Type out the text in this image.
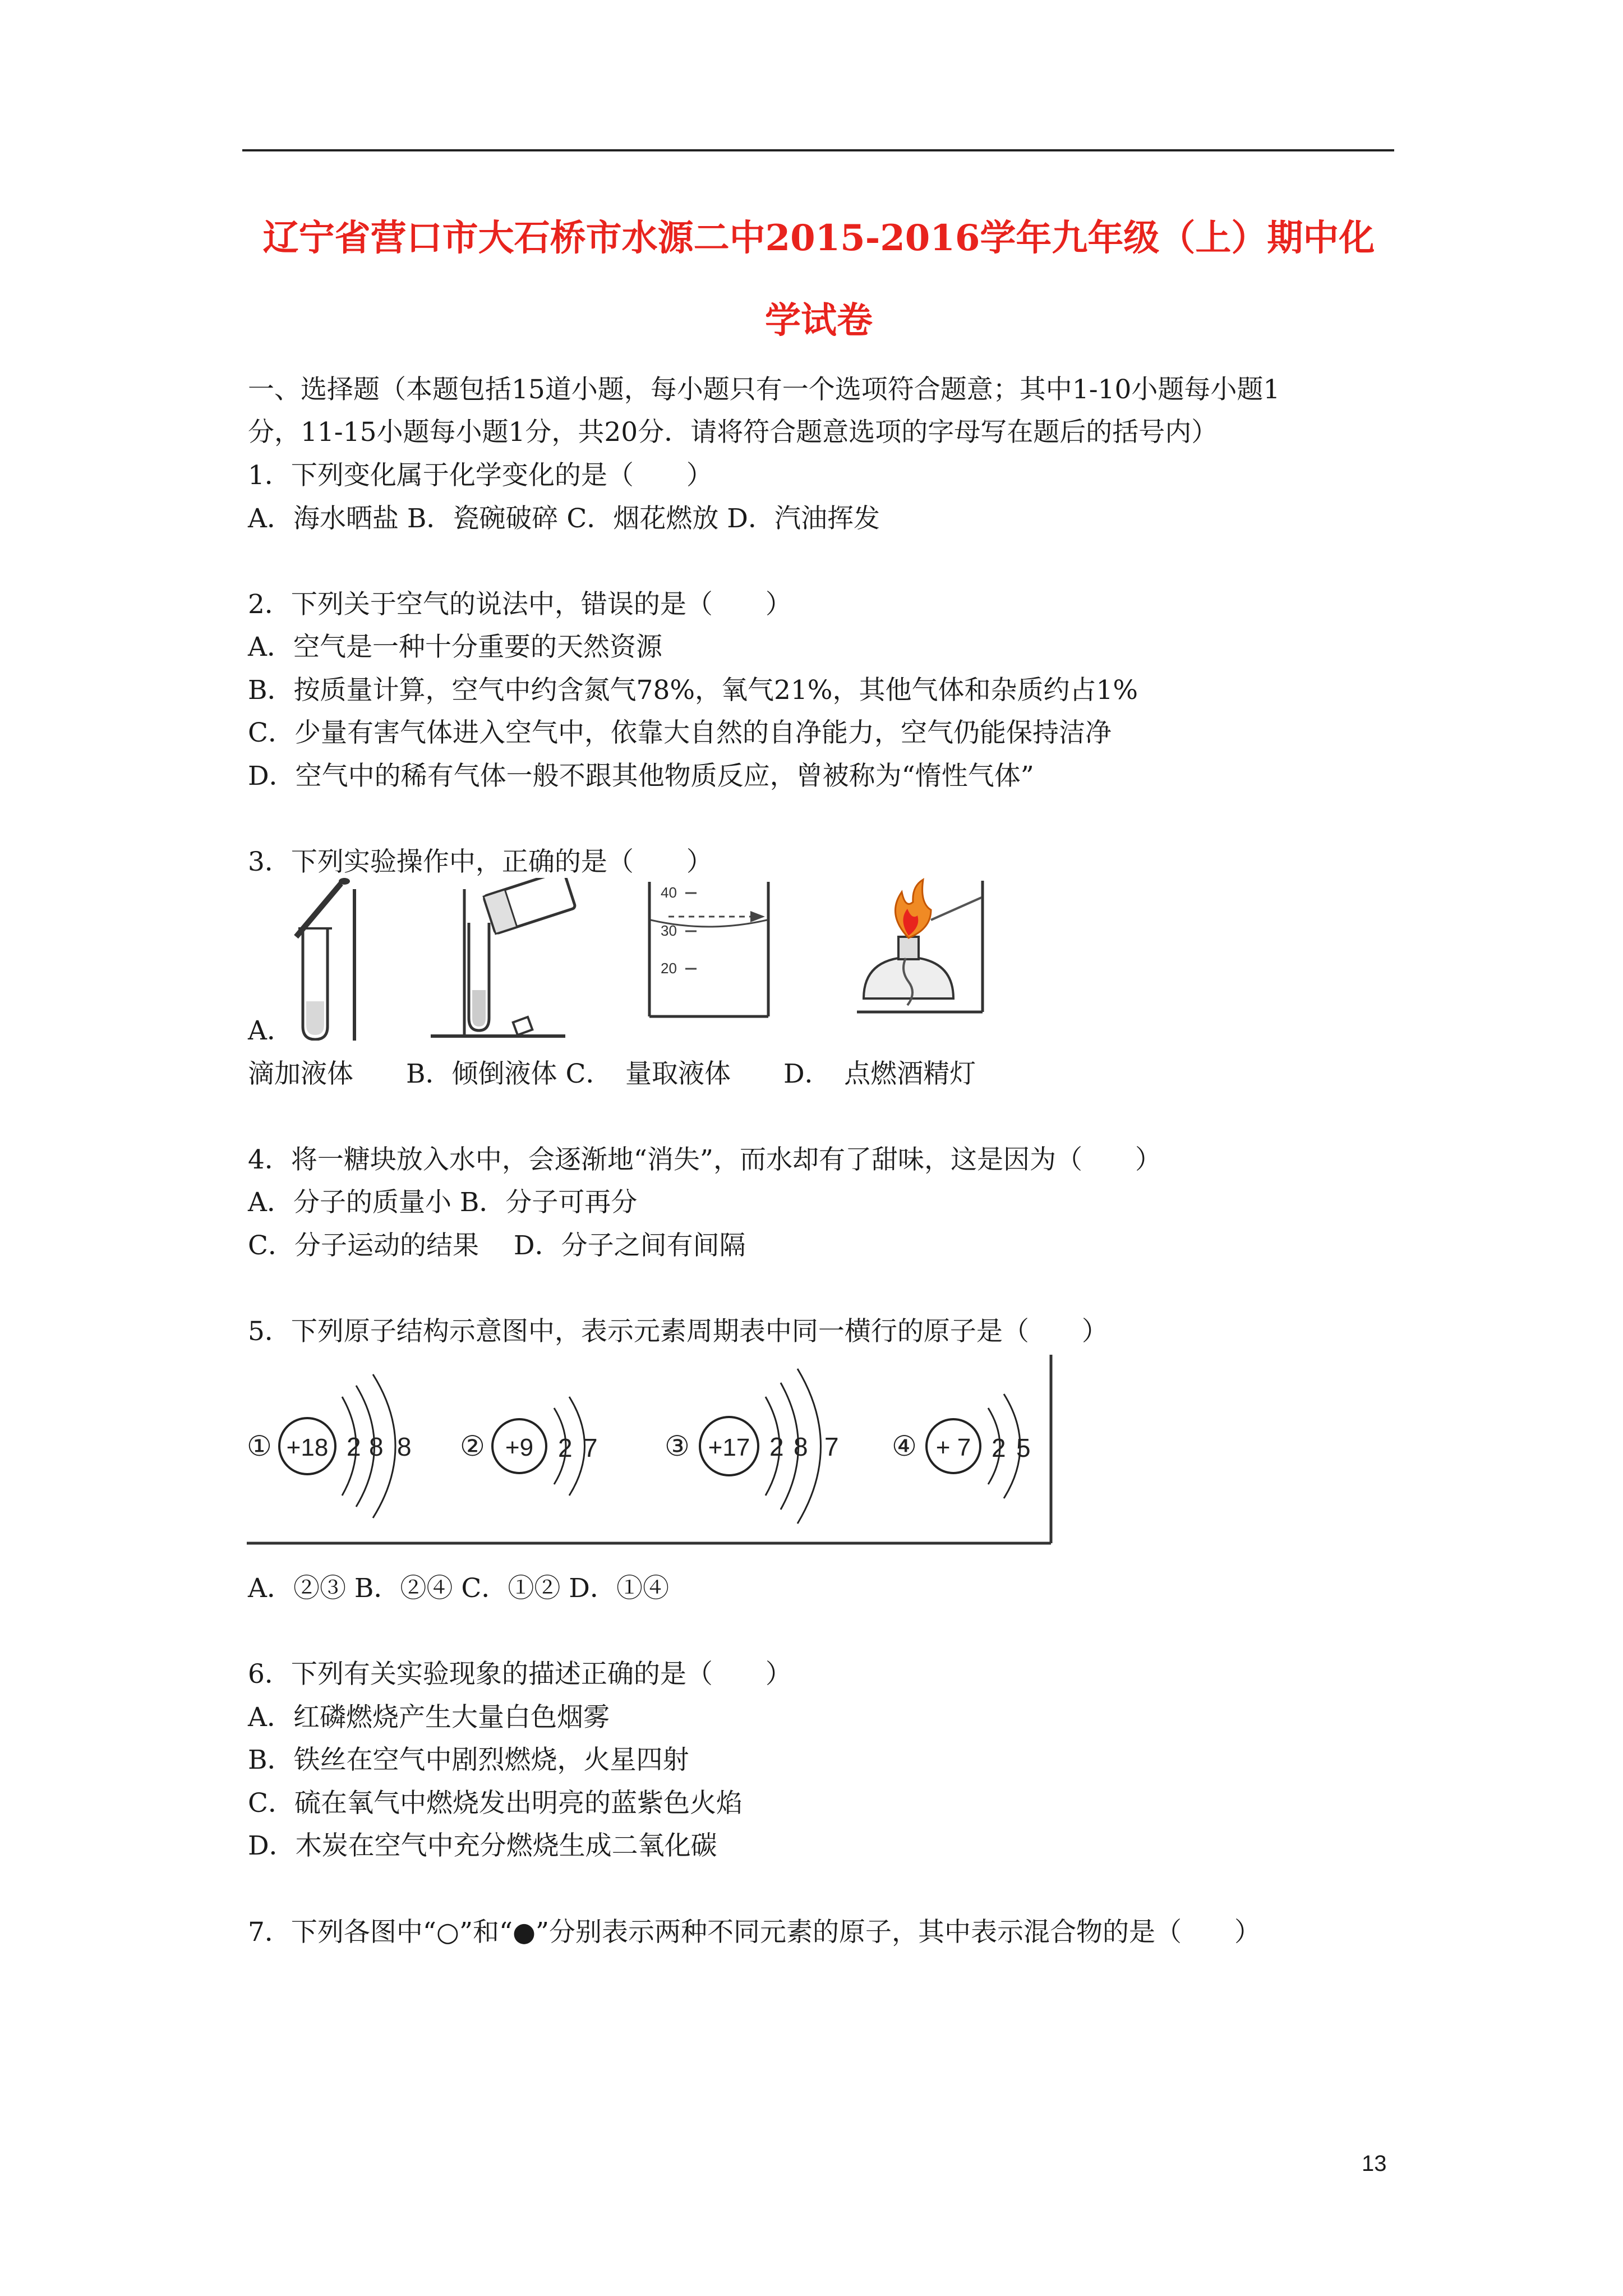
辽宁省营口市大石桥市水源二中2015-2016学年九年级（上）期中化
学试卷
一、选择题（本题包括15道小题，每小题只有一个选项符合题意；其中1-10小题每小题1
分，11-15小题每小题1分，共20分．请将符合题意选项的字母写在题后的括号内）
1．下列变化属于化学变化的是（　　）
A．海水晒盐 B．瓷碗破碎 C．烟花燃放 D．汽油挥发
2．下列关于空气的说法中，错误的是（　　）
A．空气是一种十分重要的天然资源
B．按质量计算，空气中约含氮气78%，氧气21%，其他气体和杂质约占1%
C．少量有害气体进入空气中，依靠大自然的自净能力，空气仍能保持洁净
D．空气中的稀有气体一般不跟其他物质反应，曾被称为“惰性气体”
3．下列实验操作中，正确的是（　　）
40
30
20
A．
滴加液体　　B．倾倒液体 C．　量取液体　　D．　点燃酒精灯
4．将一糖块放入水中，会逐渐地“消失”，而水却有了甜味，这是因为（　　）
A．分子的质量小 B．分子可再分
C．分子运动的结果　 D．分子之间有间隔
5．下列原子结构示意图中，表示元素周期表中同一横行的原子是（　　）
① +18 2 8 8 ② +9 2 7 ③ +17 2 8 7 ④ + 7 2 5
A．②③ B．②④ C．①② D．①④
6．下列有关实验现象的描述正确的是（　　）
A．红磷燃烧产生大量白色烟雾
B．铁丝在空气中剧烈燃烧，火星四射
C．硫在氧气中燃烧发出明亮的蓝紫色火焰
D．木炭在空气中充分燃烧生成二氧化碳
7．下列各图中“○”和“●”分别表示两种不同元素的原子，其中表示混合物的是（　　）
13
